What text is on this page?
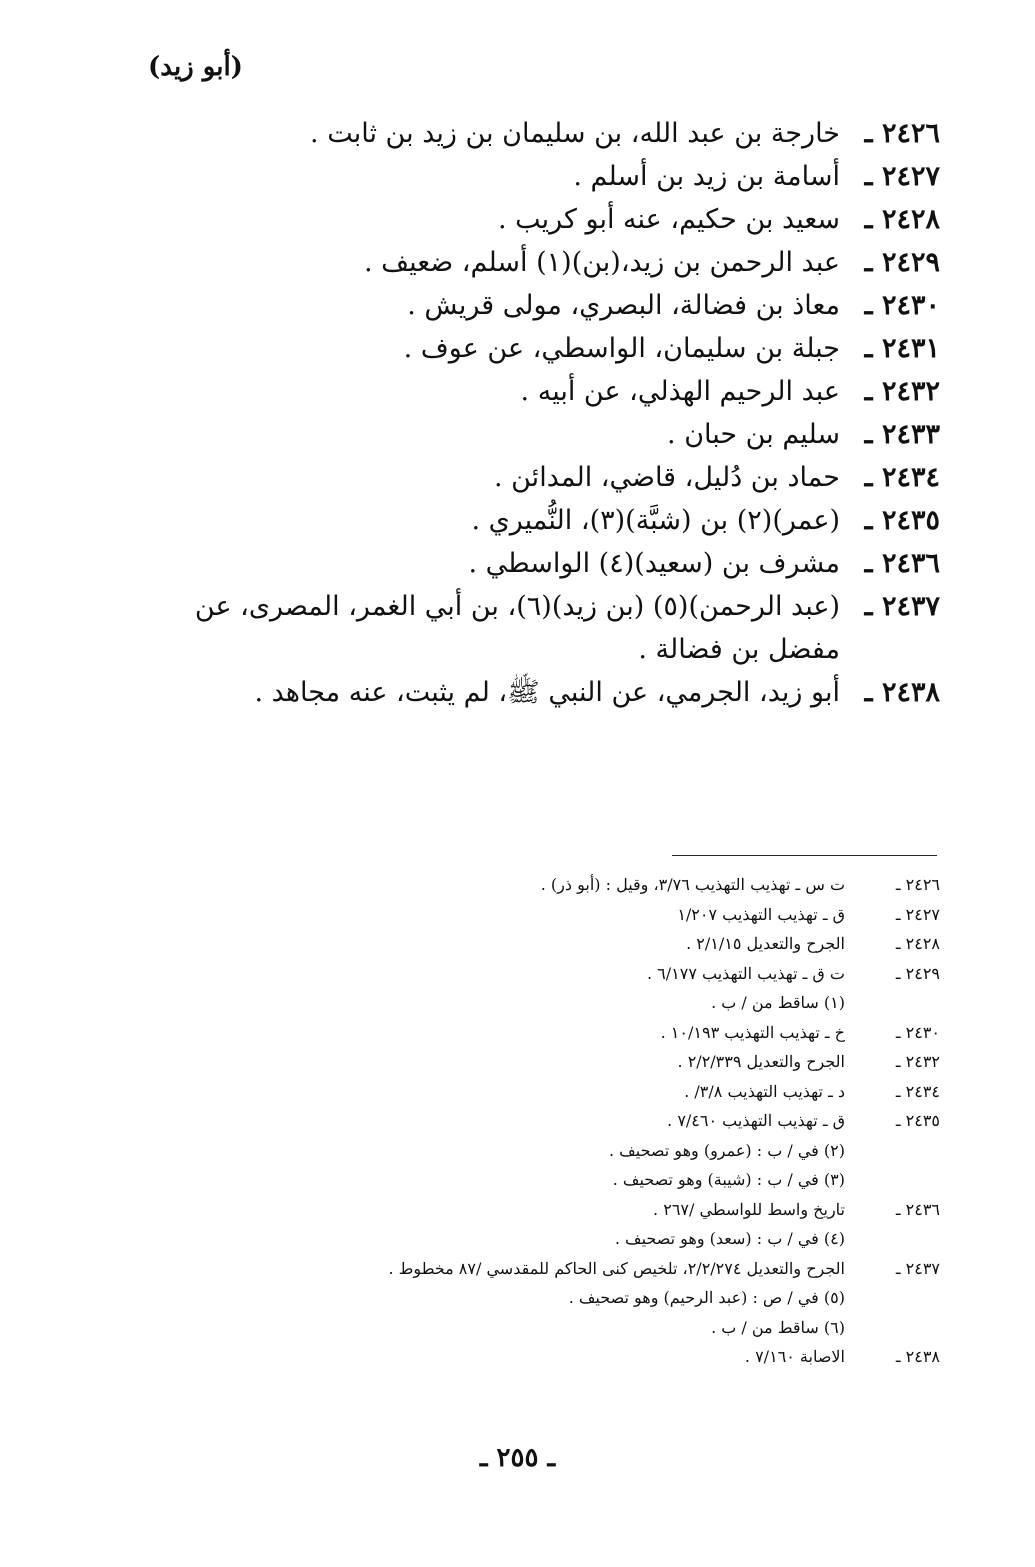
(أبو زيد)
٢٤٢٦ ـ
خارجة بن عبد الله، بن سليمان بن زيد بن ثابت .
٢٤٢٧ ـ
أسامة بن زيد بن أسلم .
٢٤٢٨ ـ
سعيد بن حكيم، عنه أبو كريب .
٢٤٢٩ ـ
عبد الرحمن بن زيد،(بن)(١) أسلم، ضعيف .
٢٤٣٠ ـ
معاذ بن فضالة، البصري، مولى قريش .
٢٤٣١ ـ
جبلة بن سليمان، الواسطي، عن عوف .
٢٤٣٢ ـ
عبد الرحيم الهذلي، عن أبيه .
٢٤٣٣ ـ
سليم بن حبان .
٢٤٣٤ ـ
حماد بن دُليل، قاضي، المدائن .
٢٤٣٥ ـ
(عمر)(٢) بن (شبَّة)(٣)، النُّميري .
٢٤٣٦ ـ
مشرف بن (سعيد)(٤) الواسطي .
٢٤٣٧ ـ
(عبد الرحمن)(٥) (بن زيد)(٦)، بن أبي الغمر، المصرى، عن مفضل بن فضالة .
٢٤٣٨ ـ
أبو زيد، الجرمي، عن النبي ﷺ، لم يثبت، عنه مجاهد .
٢٤٢٦ ـ
ت س ـ تهذيب التهذيب ٣/٧٦، وقيل : (أبو ذر) .
٢٤٢٧ ـ
ق ـ تهذيب التهذيب ١/٢٠٧
٢٤٢٨ ـ
الجرح والتعديل ٢/١/١٥ .
٢٤٢٩ ـ
ت ق ـ تهذيب التهذيب ٦/١٧٧ .
(١) ساقط من / ب .
٢٤٣٠ ـ
خ ـ تهذيب التهذيب ١٠/١٩٣ .
٢٤٣٢ ـ
الجرح والتعديل ٢/٢/٣٣٩ .
٢٤٣٤ ـ
د ـ تهذيب التهذيب ٣/٨/ .
٢٤٣٥ ـ
ق ـ تهذيب التهذيب ٧/٤٦٠ .
(٢) في / ب : (عمرو) وهو تصحيف .
(٣) في / ب : (شيبة) وهو تصحيف .
٢٤٣٦ ـ
تاريخ واسط للواسطي /٢٦٧ .
(٤) في / ب : (سعد) وهو تصحيف .
٢٤٣٧ ـ
الجرح والتعديل ٢/٢/٢٧٤، تلخيص كنى الحاكم للمقدسي /٨٧ مخطوط .
(٥) في / ص : (عبد الرحيم) وهو تصحيف .
(٦) ساقط من / ب .
٢٤٣٨ ـ
الاصابة ٧/١٦٠ .
ـ ٢٥٥ ـ
